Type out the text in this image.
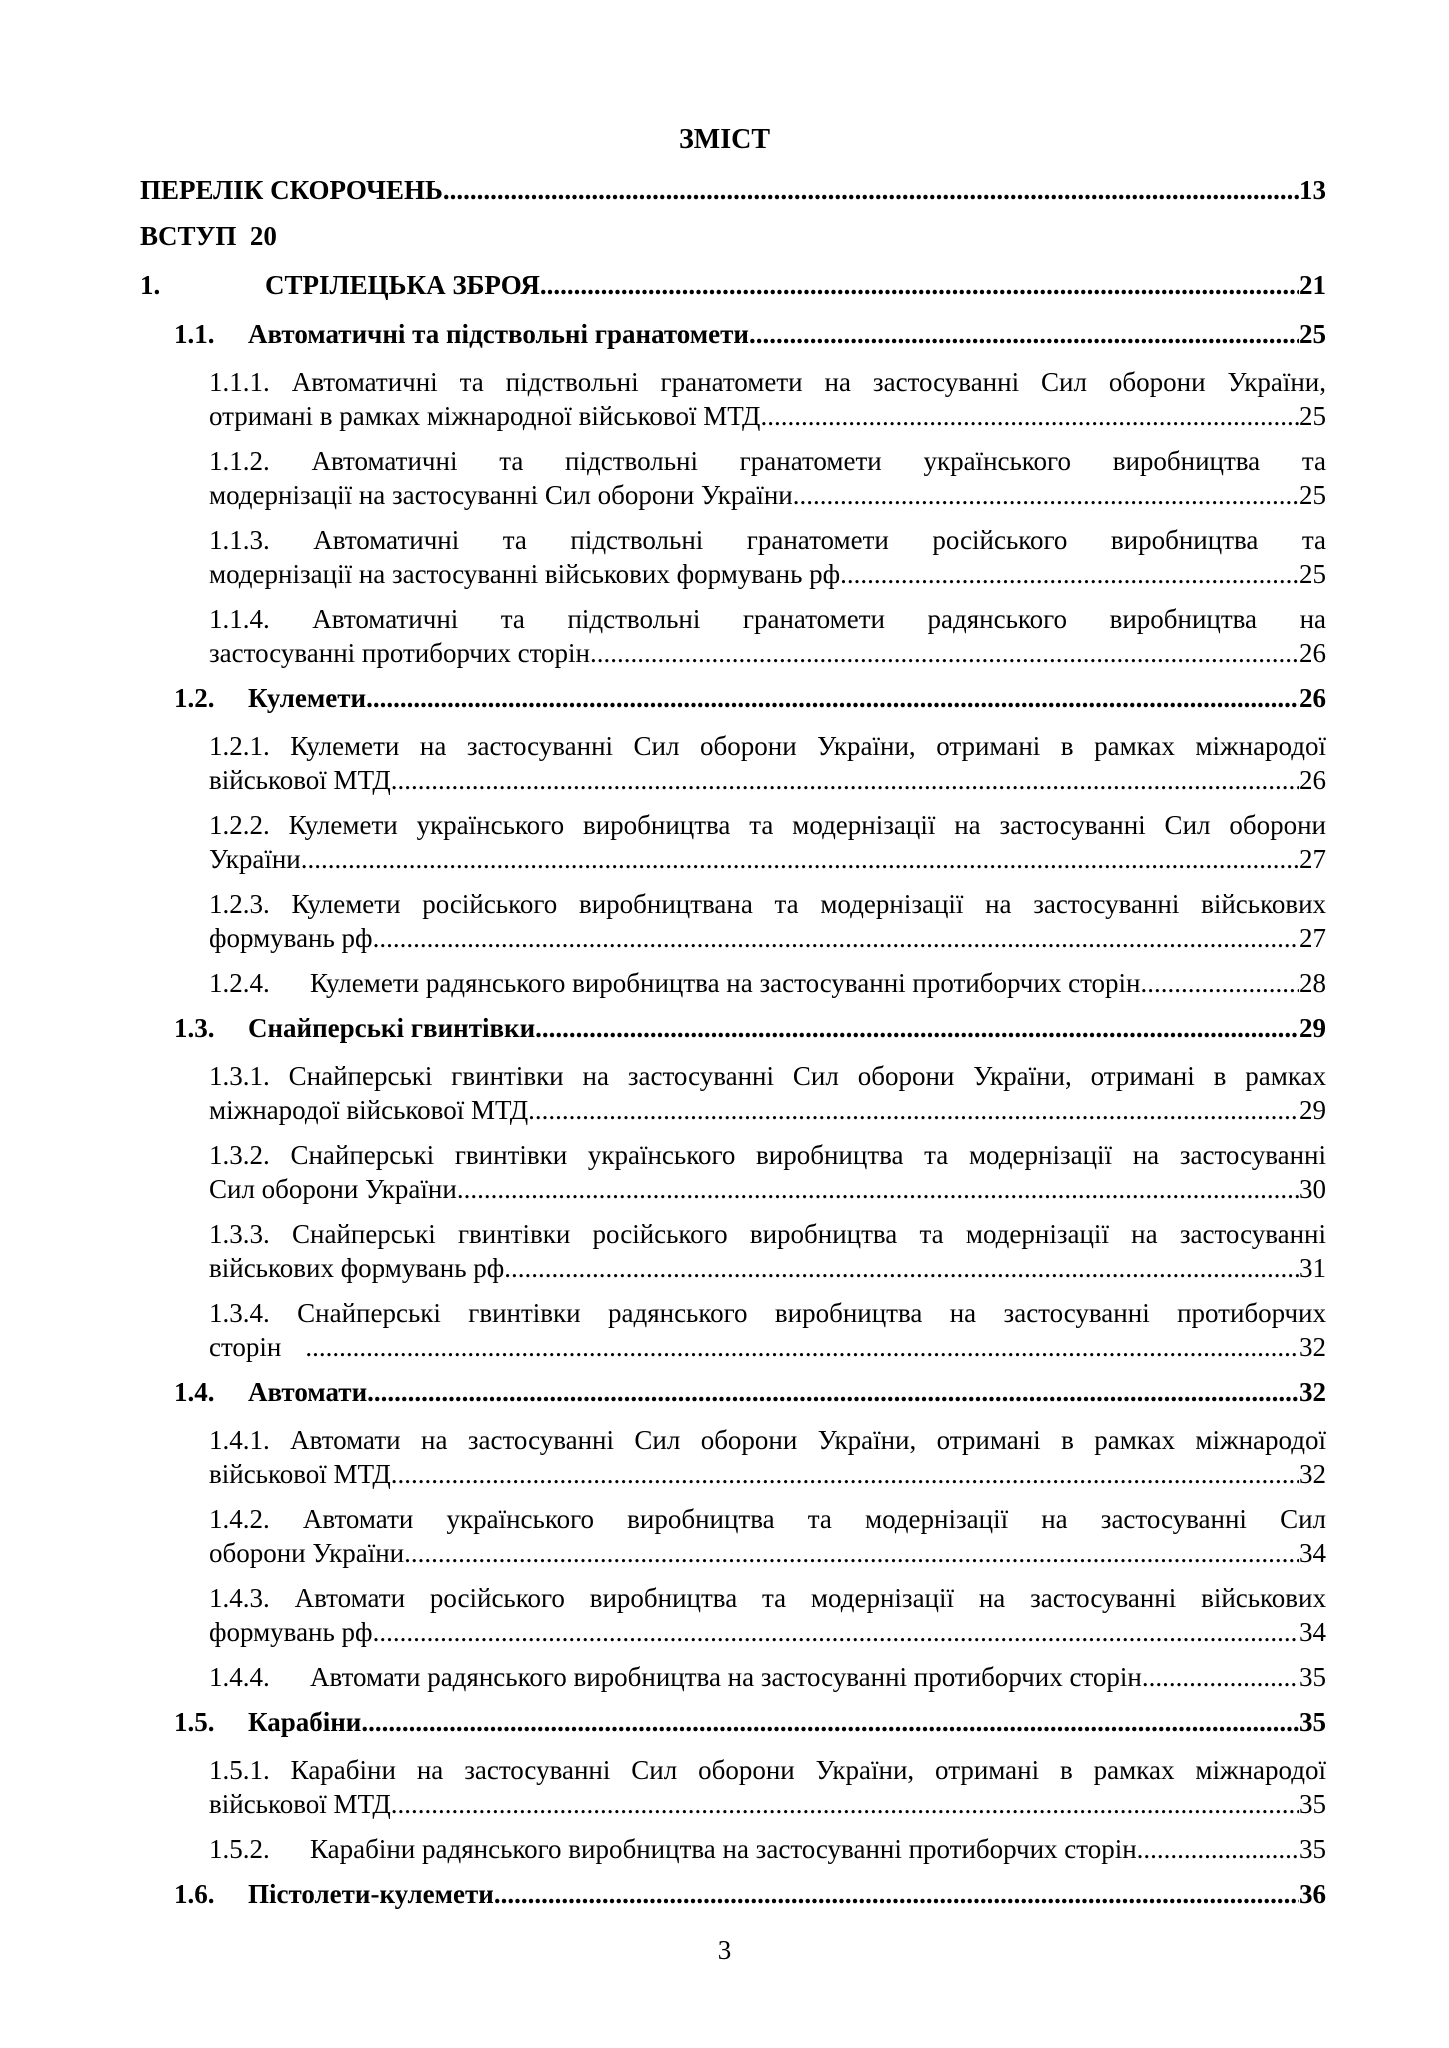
ЗМІСТ
ПЕРЕЛІК СКОРОЧЕНЬ .....	13
ВСТУП  20
1.	СТРІЛЕЦЬКА ЗБРОЯ .....	21
1.1.	Автоматичні та підствольні гранатомети .....	25
1.1.1. Автоматичні та підствольні гранатомети на застосуванні Сил оборони України,
отримані в рамках міжнародної військової МТД .....	25
1.1.2. Автоматичні та підствольні гранатомети українського виробництва та
модернізації на застосуванні Сил оборони України .....	25
1.1.3. Автоматичні та підствольні гранатомети російського виробництва та
модернізації на застосуванні військових формувань рф .....	25
1.1.4. Автоматичні та підствольні гранатомети радянського виробництва на
застосуванні протиборчих сторін .....	26
1.2.	Кулемети .....	26
1.2.1. Кулемети на застосуванні Сил оборони України, отримані в рамках міжнародої
військової МТД .....	26
1.2.2. Кулемети українського виробництва та модернізації на застосуванні Сил оборони
України .....	27
1.2.3. Кулемети російського виробництвана та модернізації на застосуванні військових
формувань рф .....	27
1.2.4.	Кулемети радянського виробництва на застосуванні протиборчих сторін .....	28
1.3.	Снайперські гвинтівки .....	29
1.3.1. Снайперські гвинтівки на застосуванні Сил оборони України, отримані в рамках
міжнародої військової МТД .....	29
1.3.2. Снайперські гвинтівки українського виробництва та модернізації на застосуванні
Сил оборони України .....	30
1.3.3. Снайперські гвинтівки російського виробництва та модернізації на застосуванні
військових формувань рф .....	31
1.3.4. Снайперські гвинтівки радянського виробництва на застосуванні протиборчих
сторін .....	32
1.4.	Автомати .....	32
1.4.1. Автомати на застосуванні Сил оборони України, отримані в рамках міжнародої
військової МТД .....	32
1.4.2. Автомати українського виробництва та модернізації на застосуванні Сил
оборони України .....	34
1.4.3. Автомати російського виробництва та модернізації на застосуванні військових
формувань рф .....	34
1.4.4.	Автомати радянського виробництва на застосуванні протиборчих сторін .....	35
1.5.	Карабіни .....	35
1.5.1. Карабіни на застосуванні Сил оборони України, отримані в рамках міжнародої
військової МТД .....	35
1.5.2.	Карабіни радянського виробництва на застосуванні протиборчих сторін .....	35
1.6.	Пістолети-кулемети .....	36
3
